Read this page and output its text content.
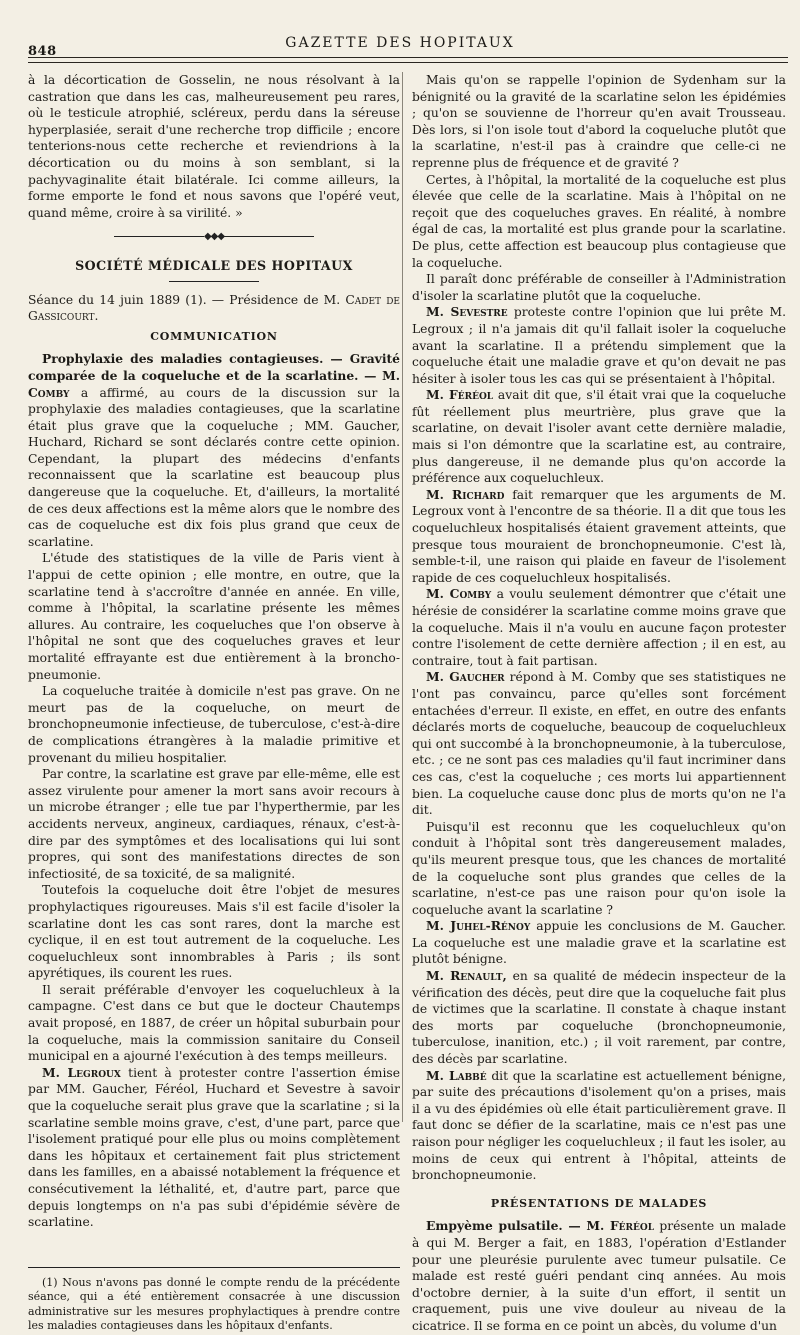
848
GAZETTE DES HOPITAUX

à la décortication de Gosselin, ne nous résolvant à la castration que dans les cas, malheureusement peu rares, où le testicule atrophié, scléreux, perdu dans la séreuse hyperplasiée, serait d'une recherche trop difficile ; encore tenterions-nous cette recherche et reviendrions à la décortication ou du moins à son semblant, si la pachyvaginalite était bilatérale. Ici comme ailleurs, la forme emporte le fond et nous savons que l'opéré veut, quand même, croire à sa virilité. »

◆◆◆
SOCIÉTÉ MÉDICALE DES HOPITAUX

Séance du 14 juin 1889 (1). — Présidence de M. Cadet de Gassicourt.

COMMUNICATION

Prophylaxie des maladies contagieuses. — Gravité comparée de la coqueluche et de la scarlatine. — M. Comby a affirmé, au cours de la discussion sur la prophylaxie des maladies contagieuses, que la scarlatine était plus grave que la coqueluche ; MM. Gaucher, Huchard, Richard se sont déclarés contre cette opinion. Cependant, la plupart des médecins d'enfants reconnaissent que la scarlatine est beaucoup plus dangereuse que la coqueluche. Et, d'ailleurs, la mortalité de ces deux affections est la même alors que le nombre des cas de coqueluche est dix fois plus grand que ceux de scarlatine.

L'étude des statistiques de la ville de Paris vient à l'appui de cette opinion ; elle montre, en outre, que la scarlatine tend à s'accroître d'année en année. En ville, comme à l'hôpital, la scarlatine présente les mêmes allures. Au contraire, les coqueluches que l'on observe à l'hôpital ne sont que des coqueluches graves et leur mortalité effrayante est due entièrement à la broncho-pneumonie.

La coqueluche traitée à domicile n'est pas grave. On ne meurt pas de la coqueluche, on meurt de bronchopneumonie infectieuse, de tuberculose, c'est-à-dire de complications étrangères à la maladie primitive et provenant du milieu hospitalier.

Par contre, la scarlatine est grave par elle-même, elle est assez virulente pour amener la mort sans avoir recours à un microbe étranger ; elle tue par l'hyperthermie, par les accidents nerveux, angineux, cardiaques, rénaux, c'est-à-dire par des symptômes et des localisations qui lui sont propres, qui sont des manifestations directes de son infectiosité, de sa toxicité, de sa malignité.

Toutefois la coqueluche doit être l'objet de mesures prophylactiques rigoureuses. Mais s'il est facile d'isoler la scarlatine dont les cas sont rares, dont la marche est cyclique, il en est tout autrement de la coqueluche. Les coqueluchleux sont innombrables à Paris ; ils sont apyrétiques, ils courent les rues.

Il serait préférable d'envoyer les coqueluchleux à la campagne. C'est dans ce but que le docteur Chautemps avait proposé, en 1887, de créer un hôpital suburbain pour la coqueluche, mais la commission sanitaire du Conseil municipal en a ajourné l'exécution à des temps meilleurs.

M. Legroux tient à protester contre l'assertion émise par MM. Gaucher, Féréol, Huchard et Sevestre à savoir que la coqueluche serait plus grave que la scarlatine ; si la scarlatine semble moins grave, c'est, d'une part, parce que l'isolement pratiqué pour elle plus ou moins complètement dans les hôpitaux et certainement fait plus strictement dans les familles, en a abaissé notablement la fréquence et consécutivement la léthalité, et, d'autre part, parce que depuis longtemps on n'a pas subi d'épidémie sévère de scarlatine.

(1) Nous n'avons pas donné le compte rendu de la précédente séance, qui a été entièrement consacrée à une discussion administrative sur les mesures prophylactiques à prendre contre les maladies contagieuses dans les hôpitaux d'enfants.

Mais qu'on se rappelle l'opinion de Sydenham sur la bénignité ou la gravité de la scarlatine selon les épidémies ; qu'on se souvienne de l'horreur qu'en avait Trousseau. Dès lors, si l'on isole tout d'abord la coqueluche plutôt que la scarlatine, n'est-il pas à craindre que celle-ci ne reprenne plus de fréquence et de gravité ?

Certes, à l'hôpital, la mortalité de la coqueluche est plus élevée que celle de la scarlatine. Mais à l'hôpital on ne reçoit que des coqueluches graves. En réalité, à nombre égal de cas, la mortalité est plus grande pour la scarlatine. De plus, cette affection est beaucoup plus contagieuse que la coqueluche.

Il paraît donc préférable de conseiller à l'Administration d'isoler la scarlatine plutôt que la coqueluche.

M. Sevestre proteste contre l'opinion que lui prête M. Legroux ; il n'a jamais dit qu'il fallait isoler la coqueluche avant la scarlatine. Il a prétendu simplement que la coqueluche était une maladie grave et qu'on devait ne pas hésiter à isoler tous les cas qui se présentaient à l'hôpital.

M. Féréol avait dit que, s'il était vrai que la coqueluche fût réellement plus meurtrière, plus grave que la scarlatine, on devait l'isoler avant cette dernière maladie, mais si l'on démontre que la scarlatine est, au contraire, plus dangereuse, il ne demande plus qu'on accorde la préférence aux coqueluchleux.

M. Richard fait remarquer que les arguments de M. Legroux vont à l'encontre de sa théorie. Il a dit que tous les coqueluchleux hospitalisés étaient gravement atteints, que presque tous mouraient de bronchopneumonie. C'est là, semble-t-il, une raison qui plaide en faveur de l'isolement rapide de ces coqueluchleux hospitalisés.

M. Comby a voulu seulement démontrer que c'était une hérésie de considérer la scarlatine comme moins grave que la coqueluche. Mais il n'a voulu en aucune façon protester contre l'isolement de cette dernière affection ; il en est, au contraire, tout à fait partisan.

M. Gaucher répond à M. Comby que ses statistiques ne l'ont pas convaincu, parce qu'elles sont forcément entachées d'erreur. Il existe, en effet, en outre des enfants déclarés morts de coqueluche, beaucoup de coqueluchleux qui ont succombé à la bronchopneumonie, à la tuberculose, etc. ; ce ne sont pas ces maladies qu'il faut incriminer dans ces cas, c'est la coqueluche ; ces morts lui appartiennent bien. La coqueluche cause donc plus de morts qu'on ne l'a dit.

Puisqu'il est reconnu que les coqueluchleux qu'on conduit à l'hôpital sont très dangereusement malades, qu'ils meurent presque tous, que les chances de mortalité de la coqueluche sont plus grandes que celles de la scarlatine, n'est-ce pas une raison pour qu'on isole la coqueluche avant la scarlatine ?

M. Juhel-Rénoy appuie les conclusions de M. Gaucher. La coqueluche est une maladie grave et la scarlatine est plutôt bénigne.

M. Renault, en sa qualité de médecin inspecteur de la vérification des décès, peut dire que la coqueluche fait plus de victimes que la scarlatine. Il constate à chaque instant des morts par coqueluche (bronchopneumonie, tuberculose, inanition, etc.) ; il voit rarement, par contre, des décès par scarlatine.

M. Labbé dit que la scarlatine est actuellement bénigne, par suite des précautions d'isolement qu'on a prises, mais il a vu des épidémies où elle était particulièrement grave. Il faut donc se défier de la scarlatine, mais ce n'est pas une raison pour négliger les coqueluchleux ; il faut les isoler, au moins de ceux qui entrent à l'hôpital, atteints de bronchopneumonie.

PRÉSENTATIONS DE MALADES

Empyème pulsatile. — M. Féréol présente un malade à qui M. Berger a fait, en 1883, l'opération d'Estlander pour une pleurésie purulente avec tumeur pulsatile. Ce malade est resté guéri pendant cinq années. Au mois d'octobre dernier, à la suite d'un effort, il sentit un craquement, puis une vive douleur au niveau de la cicatrice. Il se forma en ce point un abcès, du volume d'un
